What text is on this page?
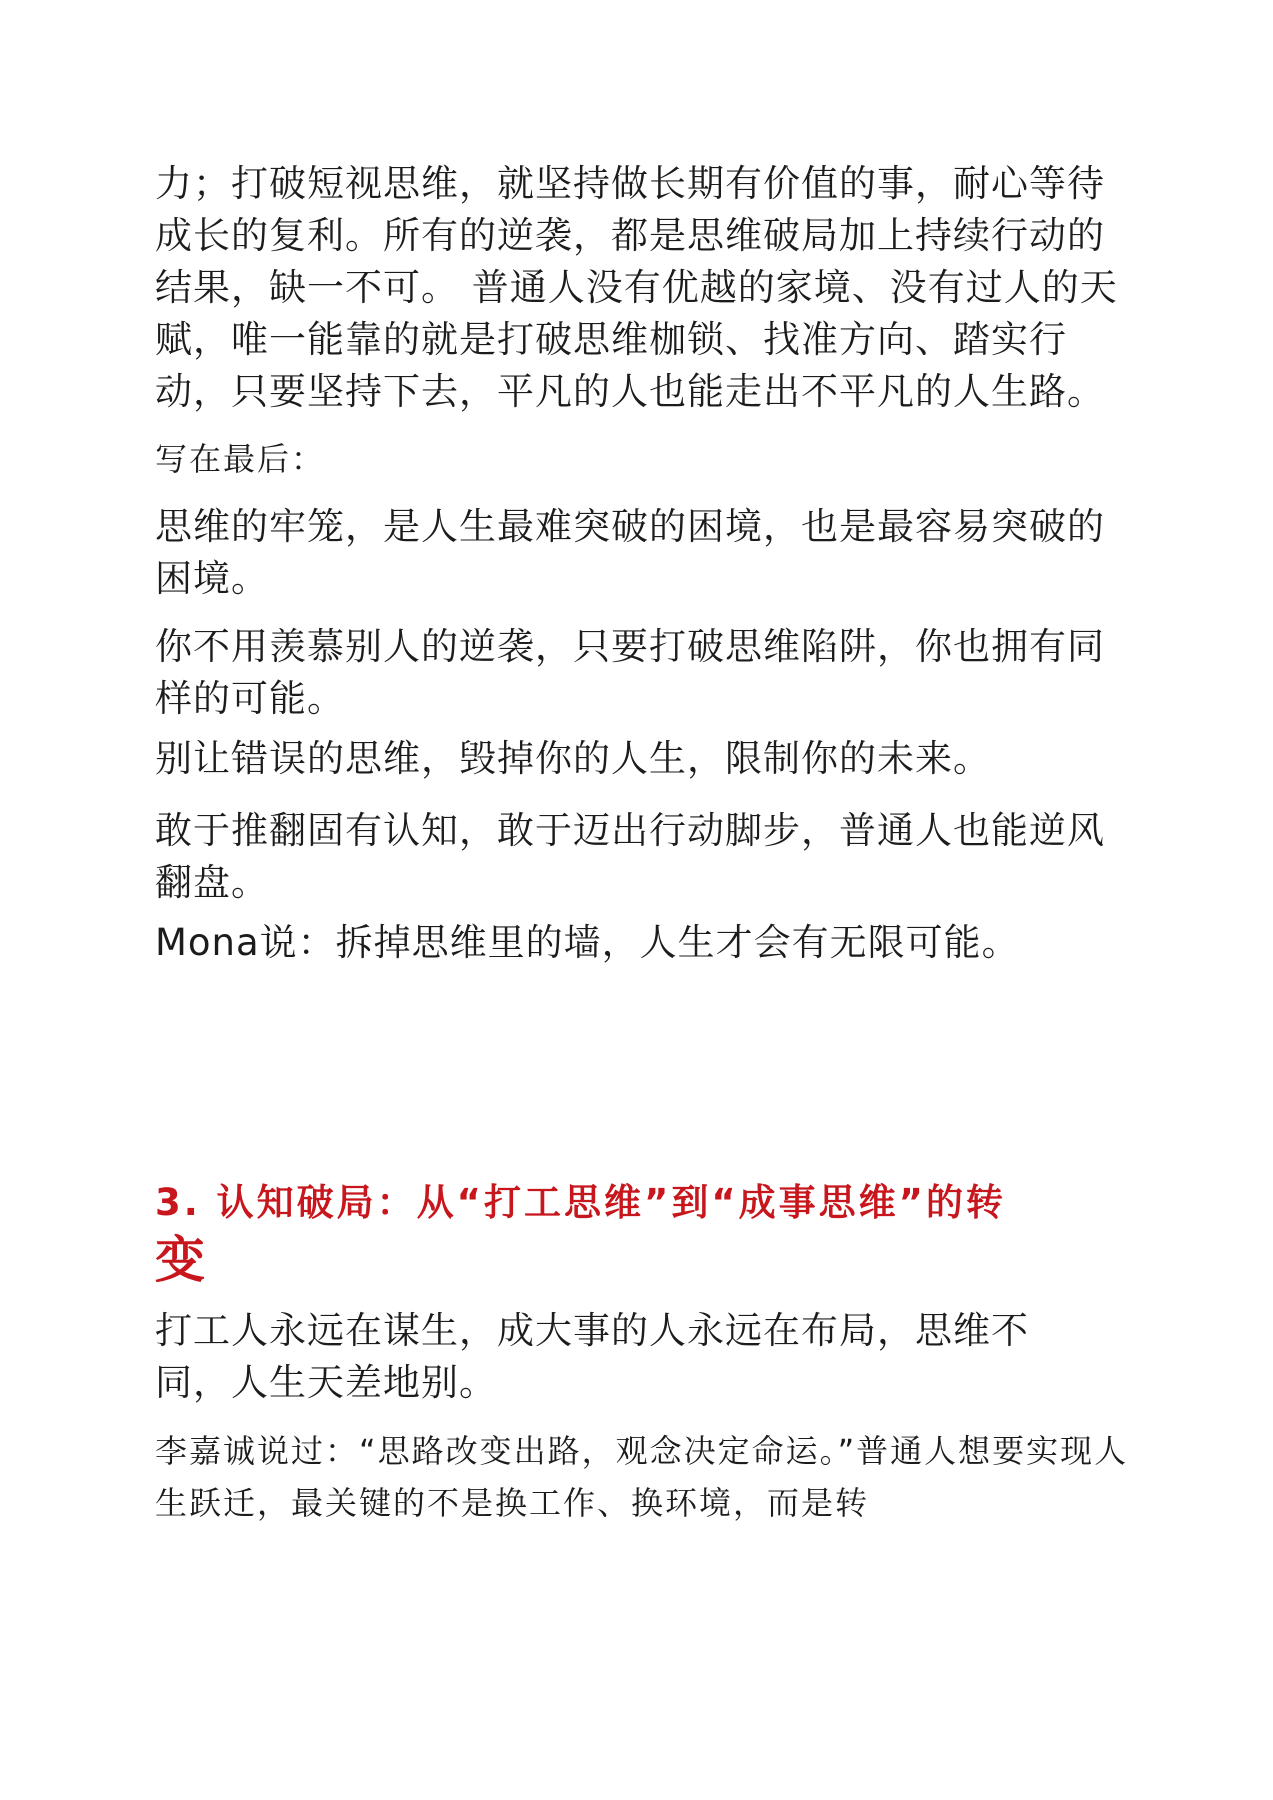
力；打破短视思维，就坚持做长期有价值的事，耐心等待成长的复利。所有的逆袭，都是思维破局加上持续行动的结果，缺一不可。 普通人没有优越的家境、没有过人的天赋，唯一能靠的就是打破思维枷锁、找准方向、踏实行动，只要坚持下去，平凡的人也能走出不平凡的人生路。

写在最后：

思维的牢笼，是人生最难突破的困境，也是最容易突破的困境。

你不用羡慕别人的逆袭，只要打破思维陷阱，你也拥有同样的可能。

别让错误的思维，毁掉你的人生，限制你的未来。

敢于推翻固有认知，敢于迈出行动脚步，普通人也能逆风翻盘。

Mona说：拆掉思维里的墙，人生才会有无限可能。

3. 认知破局：从“打工思维”到“成事思维”的转
变

打工人永远在谋生，成大事的人永远在布局，思维不同，人生天差地别。

李嘉诚说过：“思路改变出路，观念决定命运。”普通人想要实现人生跃迁，最关键的不是换工作、换环境，而是转
